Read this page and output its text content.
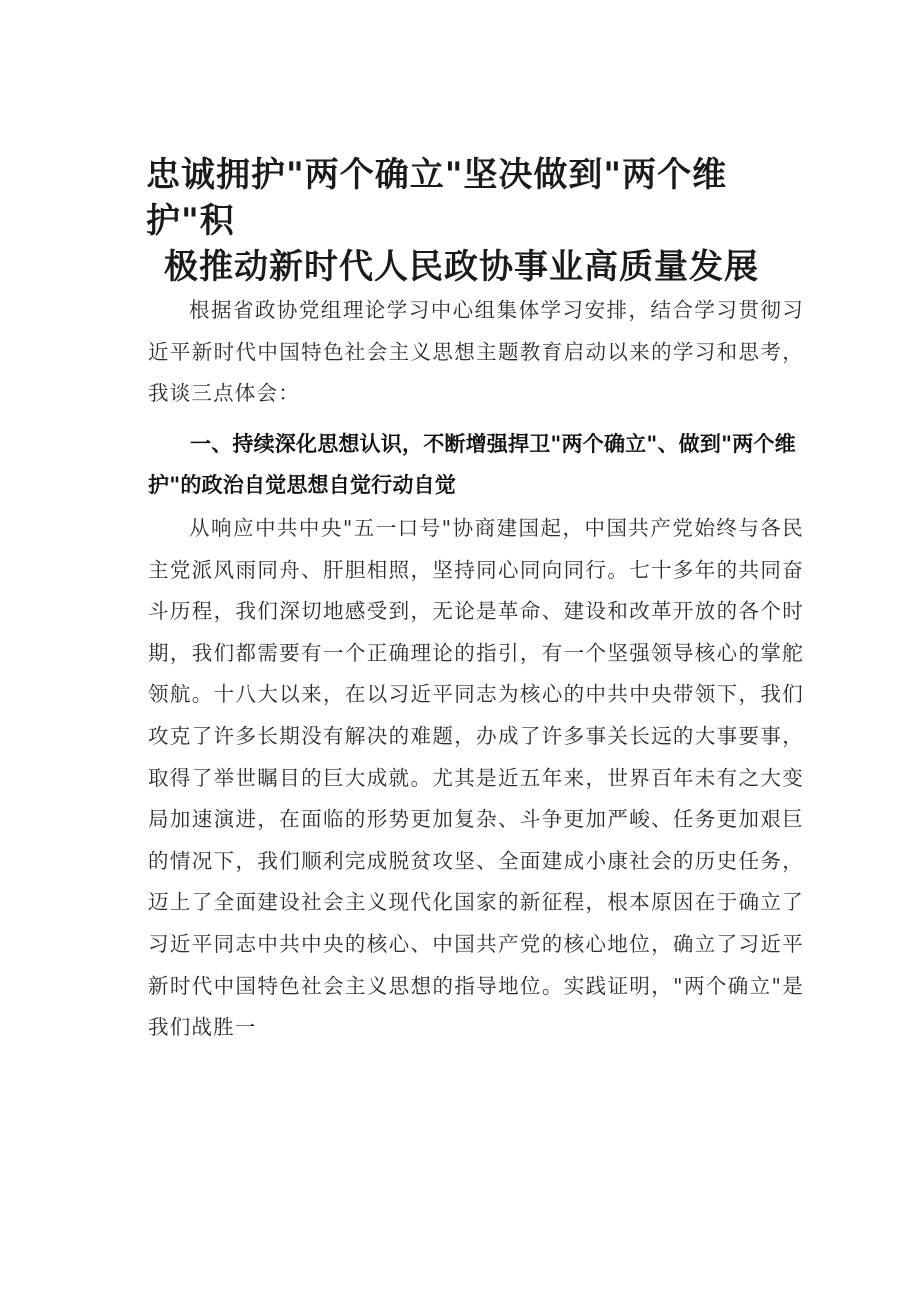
忠诚拥护"两个确立"坚决做到"两个维护"积
极推动新时代人民政协事业高质量发展

根据省政协党组理论学习中心组集体学习安排，结合学习贯彻习近平新时代中国特色社会主义思想主题教育启动以来的学习和思考，我谈三点体会：

一、持续深化思想认识，不断增强捍卫"两个确立"、做到"两个维护"的政治自觉思想自觉行动自觉

从响应中共中央"五一口号"协商建国起，中国共产党始终与各民主党派风雨同舟、肝胆相照，坚持同心同向同行。七十多年的共同奋斗历程，我们深切地感受到，无论是革命、建设和改革开放的各个时期，我们都需要有一个正确理论的指引，有一个坚强领导核心的掌舵领航。十八大以来，在以习近平同志为核心的中共中央带领下，我们攻克了许多长期没有解决的难题，办成了许多事关长远的大事要事，取得了举世瞩目的巨大成就。尤其是近五年来，世界百年未有之大变局加速演进，在面临的形势更加复杂、斗争更加严峻、任务更加艰巨的情况下，我们顺利完成脱贫攻坚、全面建成小康社会的历史任务，迈上了全面建设社会主义现代化国家的新征程，根本原因在于确立了习近平同志中共中央的核心、中国共产党的核心地位，确立了习近平新时代中国特色社会主义思想的指导地位。实践证明，"两个确立"是我们战胜一
